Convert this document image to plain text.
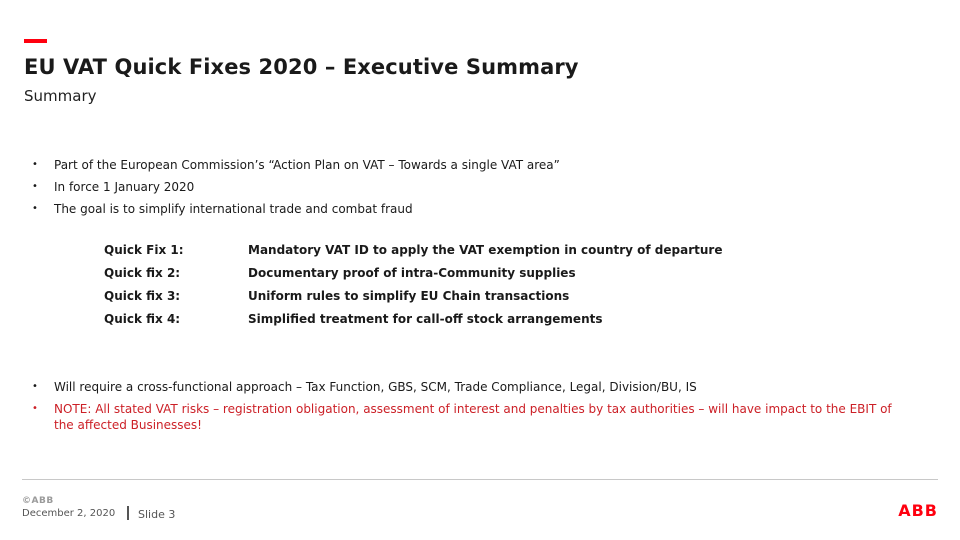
EU VAT Quick Fixes 2020 – Executive Summary
Summary
• Part of the European Commission’s “Action Plan on VAT – Towards a single VAT area”
• In force 1 January 2020
• The goal is to simplify international trade and combat fraud
Quick Fix 1:	Mandatory VAT ID to apply the VAT exemption in country of departure
Quick fix 2:	Documentary proof of intra-Community supplies
Quick fix 3:	Uniform rules to simplify EU Chain transactions
Quick fix 4:	Simplified treatment for call-off stock arrangements
• Will require a cross-functional approach – Tax Function, GBS, SCM, Trade Compliance, Legal, Division/BU, IS
• NOTE: All stated VAT risks – registration obligation, assessment of interest and penalties by tax authorities – will have impact to the EBIT of the affected Businesses!
©ABB
December 2, 2020 Slide 3	ABB
